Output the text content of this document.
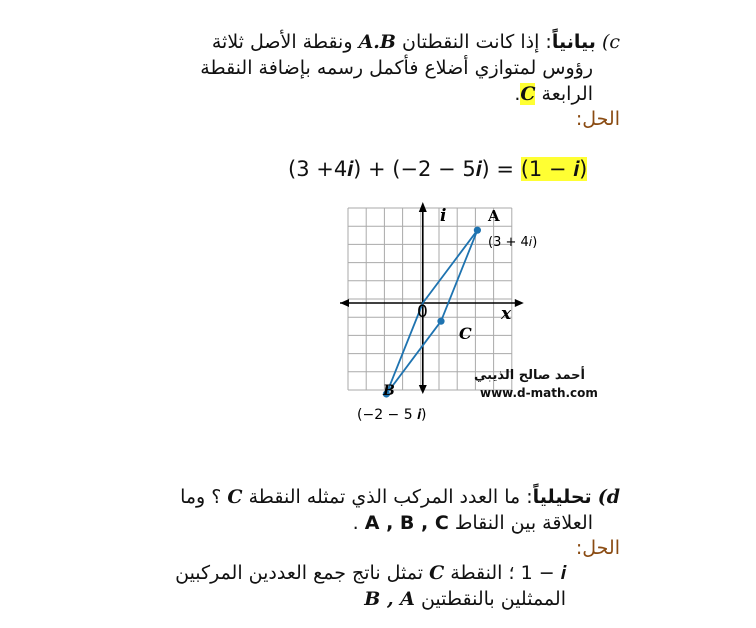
(c بيانياً: إذا كانت النقطتان A.B ونقطة الأصل ثلاثة
رؤوس لمتوازي أضلاع فأكمل رسمه بإضافة النقطة
الرابعة C.
الحل:
(3 +4𝒊) + (−2 − 5𝒊) = (1 − 𝒊)
x
i
0
A
(3 + 4𝑖)
C
B
(−2 − 5 𝒊)
أحمد صالح الذيبي
www.d-math.com
(d تحليلياً: ما العدد المركب الذي تمثله النقطة C ؟ وما
العلاقة بين النقاط A , B , C .
الحل:
1 − 𝒊 ؛ النقطة C تمثل ناتج جمع العددين المركبين
الممثلين بالنقطتين B , A
